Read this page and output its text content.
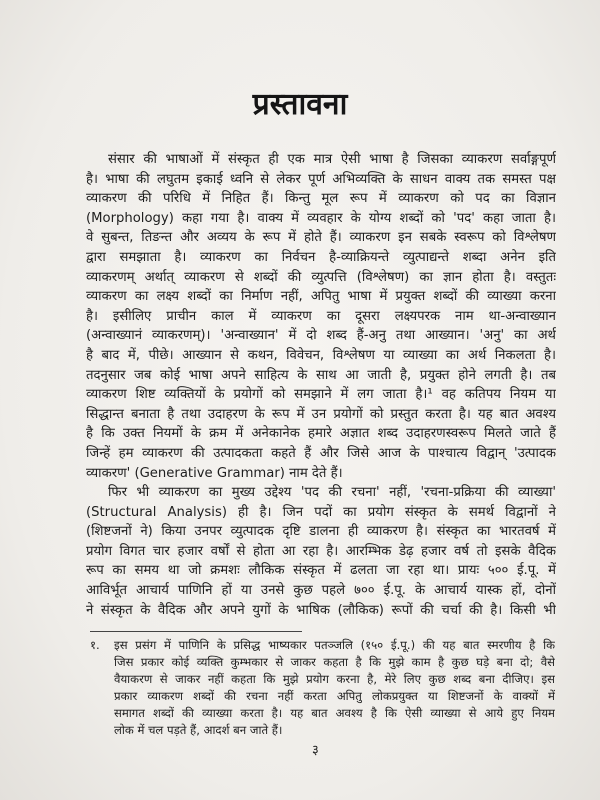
प्रस्तावना
संसार की भाषाओं में संस्कृत ही एक मात्र ऐसी भाषा है जिसका व्याकरण सर्वाङ्गपूर्ण
है। भाषा की लघुतम इकाई ध्वनि से लेकर पूर्ण अभिव्यक्ति के साधन वाक्य तक समस्त पक्ष
व्याकरण की परिधि में निहित हैं। किन्तु मूल रूप में व्याकरण को पद का विज्ञान
(Morphology) कहा गया है। वाक्य में व्यवहार के योग्य शब्दों को 'पद' कहा जाता है।
वे सुबन्त, तिङन्त और अव्यय के रूप में होते हैं। व्याकरण इन सबके स्वरूप को विश्लेषण
द्वारा समझाता है। व्याकरण का निर्वचन है-व्याक्रियन्ते व्युत्पाद्यन्ते शब्दा अनेन इति
व्याकरणम् अर्थात् व्याकरण से शब्दों की व्युत्पत्ति (विश्लेषण) का ज्ञान होता है। वस्तुतः
व्याकरण का लक्ष्य शब्दों का निर्माण नहीं, अपितु भाषा में प्रयुक्त शब्दों की व्याख्या करना
है। इसीलिए प्राचीन काल में व्याकरण का दूसरा लक्ष्यपरक नाम था-अन्वाख्यान
(अन्वाख्यानं व्याकरणम्)। 'अन्वाख्यान' में दो शब्द हैं-अनु तथा आख्यान। 'अनु' का अर्थ
है बाद में, पीछे। आख्यान से कथन, विवेचन, विश्लेषण या व्याख्या का अर्थ निकलता है।
तदनुसार जब कोई भाषा अपने साहित्य के साथ आ जाती है, प्रयुक्त होने लगती है। तब
व्याकरण शिष्ट व्यक्तियों के प्रयोगों को समझाने में लग जाता है।¹ वह कतिपय नियम या
सिद्धान्त बनाता है तथा उदाहरण के रूप में उन प्रयोगों को प्रस्तुत करता है। यह बात अवश्य
है कि उक्त नियमों के क्रम में अनेकानेक हमारे अज्ञात शब्द उदाहरणस्वरूप मिलते जाते हैं
जिन्हें हम व्याकरण की उत्पादकता कहते हैं और जिसे आज के पाश्चात्य विद्वान् 'उत्पादक
व्याकरण' (Generative Grammar) नाम देते हैं।
फिर भी व्याकरण का मुख्य उद्देश्य 'पद की रचना' नहीं, 'रचना-प्रक्रिया की व्याख्या'
(Structural Analysis) ही है। जिन पदों का प्रयोग संस्कृत के समर्थ विद्वानों ने
(शिष्टजनों ने) किया उनपर व्युत्पादक दृष्टि डालना ही व्याकरण है। संस्कृत का भारतवर्ष में
प्रयोग विगत चार हजार वर्षों से होता आ रहा है। आरम्भिक डेढ़ हजार वर्ष तो इसके वैदिक
रूप का समय था जो क्रमशः लौकिक संस्कृत में ढलता जा रहा था। प्रायः ५०० ई.पू. में
आविर्भूत आचार्य पाणिनि हों या उनसे कुछ पहले ७०० ई.पू. के आचार्य यास्क हों, दोनों
ने संस्कृत के वैदिक और अपने युगों के भाषिक (लौकिक) रूपों की चर्चा की है। किसी भी
१.	इस प्रसंग में पाणिनि के प्रसिद्ध भाष्यकार पतञ्जलि (१५० ई.पू.) की यह बात स्मरणीय है कि
जिस प्रकार कोई व्यक्ति कुम्भकार से जाकर कहता है कि मुझे काम है कुछ घड़े बना दो; वैसे
वैयाकरण से जाकर नहीं कहता कि मुझे प्रयोग करना है, मेरे लिए कुछ शब्द बना दीजिए। इस
प्रकार व्याकरण शब्दों की रचना नहीं करता अपितु लोकप्रयुक्त या शिष्टजनों के वाक्यों में
समागत शब्दों की व्याख्या करता है। यह बात अवश्य है कि ऐसी व्याख्या से आये हुए नियम
लोक में चल पड़ते हैं, आदर्श बन जाते हैं।
३
